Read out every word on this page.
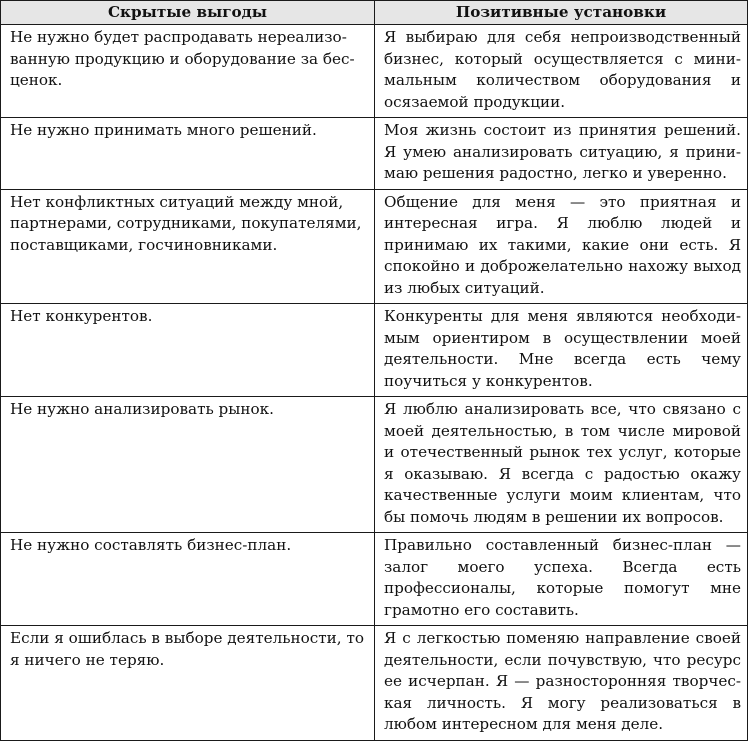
Скрытые выгоды	Позитивные установки
Не нужно будет распродавать нереализованную продукцию и оборудование за бесценок.	Я выбираю для себя непроизводственный бизнес, который осуществляется с минимальным количеством оборудования и осязаемой продукции.
Не нужно принимать много решений.	Моя жизнь состоит из принятия решений. Я умею анализировать ситуацию, я принимаю решения радостно, легко и уверенно.
Нет конфликтных ситуаций между мной, партнерами, сотрудниками, покупателями, поставщиками, госчиновниками.	Общение для меня — это приятная и интересная игра. Я люблю людей и принимаю их такими, какие они есть. Я спокойно и доброжелательно нахожу выход из любых ситуаций.
Нет конкурентов.	Конкуренты для меня являются необходимым ориентиром в осуществлении моей деятельности. Мне всегда есть чему поучиться у конкурентов.
Не нужно анализировать рынок.	Я люблю анализировать все, что связано с моей деятельностью, в том числе мировой и отечественный рынок тех услуг, которые я оказываю. Я всегда с радостью окажу качественные услуги моим клиентам, что бы помочь людям в решении их вопросов.
Не нужно составлять бизнес-план.	Правильно составленный бизнес-план — залог моего успеха. Всегда есть профессионалы, которые помогут мне грамотно его составить.
Если я ошиблась в выборе деятельности, то я ничего не теряю.	Я с легкостью поменяю направление своей деятельности, если почувствую, что ресурс ее исчерпан. Я — разносторонняя творческая личность. Я могу реализоваться в любом интересном для меня деле.
